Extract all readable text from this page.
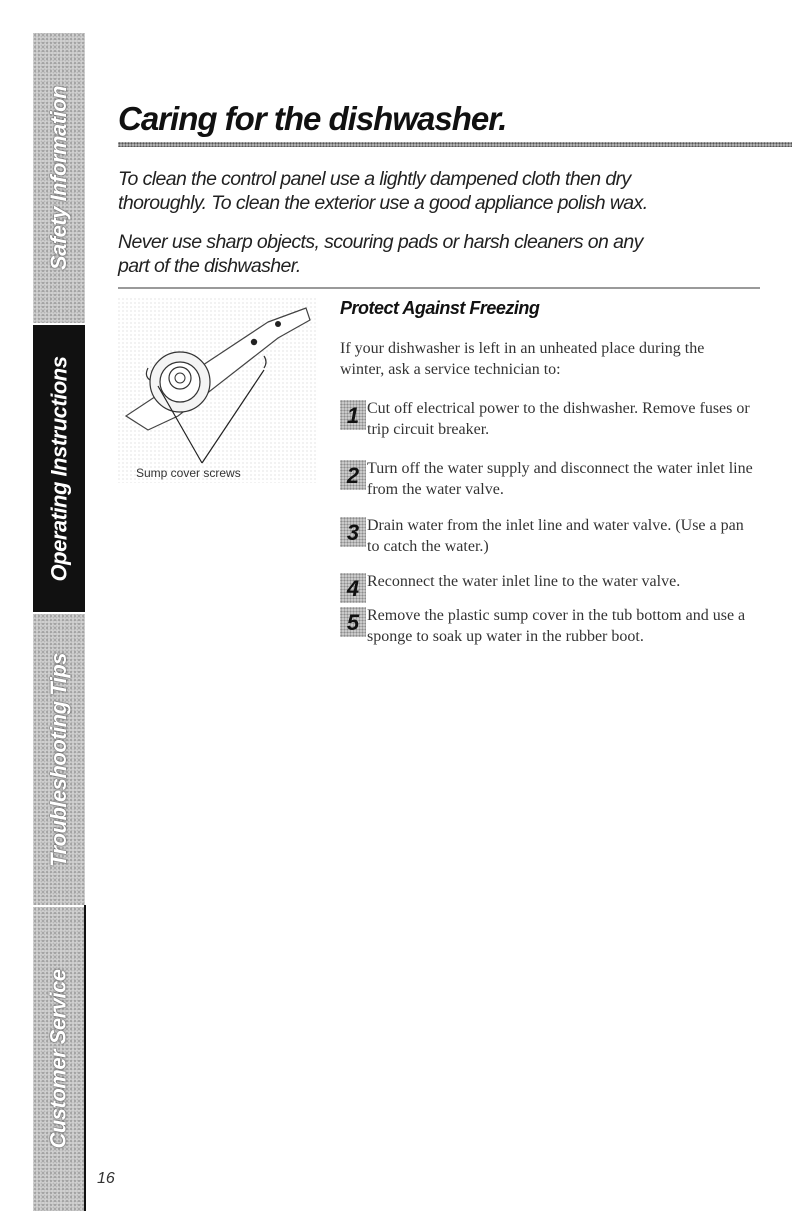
Safety Information
Operating Instructions
Troubleshooting Tips
Customer Service
Caring for the dishwasher.

To clean the control panel use a lightly dampened cloth then dry thoroughly. To clean the exterior use a good appliance polish wax.

Never use sharp objects, scouring pads or harsh cleaners on any part of the dishwasher.

Sump cover screws
Protect Against Freezing

If your dishwasher is left in an unheated place during the winter, ask a service technician to:

1 Cut off electrical power to the dishwasher. Remove fuses or trip circuit breaker.

2 Turn off the water supply and disconnect the water inlet line from the water valve.

3 Drain water from the inlet line and water valve. (Use a pan to catch the water.)

4 Reconnect the water inlet line to the water valve.

5 Remove the plastic sump cover in the tub bottom and use a sponge to soak up water in the rubber boot.

16
